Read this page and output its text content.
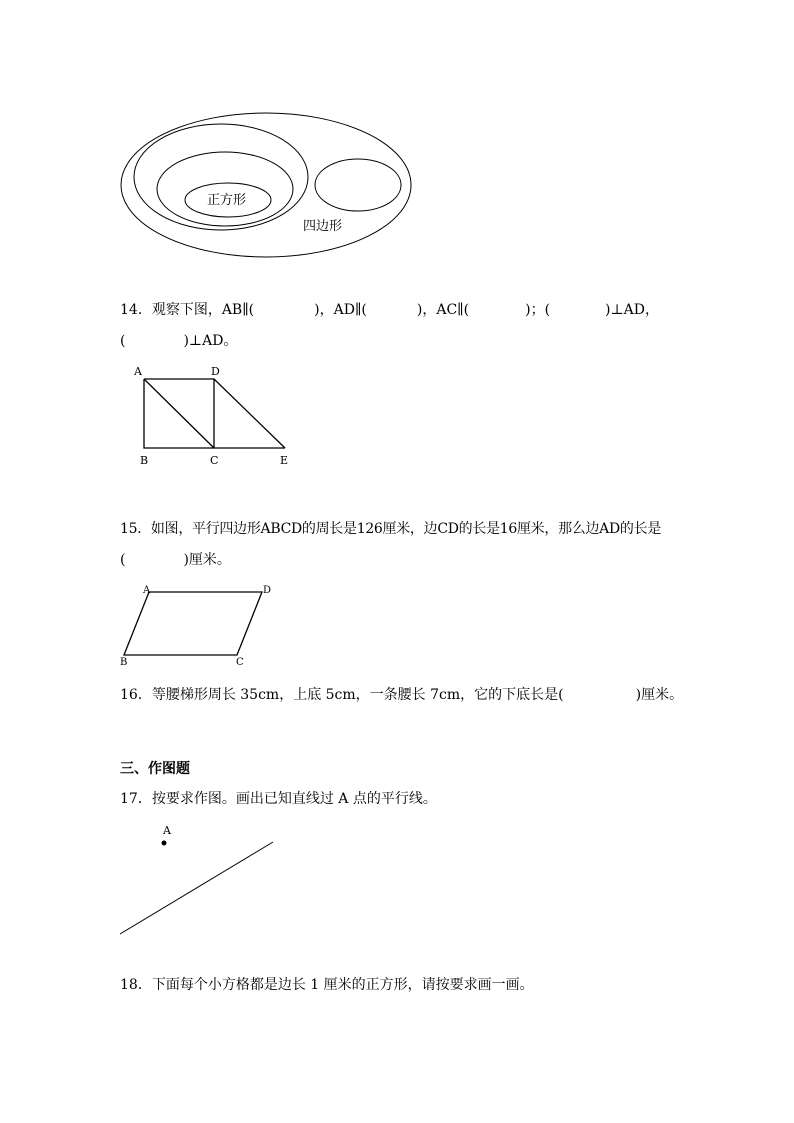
正方形
四边形
14．观察下图，AB∥(	)，AD∥(	)，AC∥(	)；(	)⊥AD，
(	)⊥AD。
A	D
B	C	E
15．如图，平行四边形ABCD的周长是126厘米，边CD的长是16厘米，那么边AD的长是
(	)厘米。
A	D
B	C
16．等腰梯形周长 35cm，上底 5cm，一条腰长 7cm，它的下底长是(	)厘米。
三、作图题
17．按要求作图。画出已知直线过 A 点的平行线。
A
18．下面每个小方格都是边长 1 厘米的正方形，请按要求画一画。
